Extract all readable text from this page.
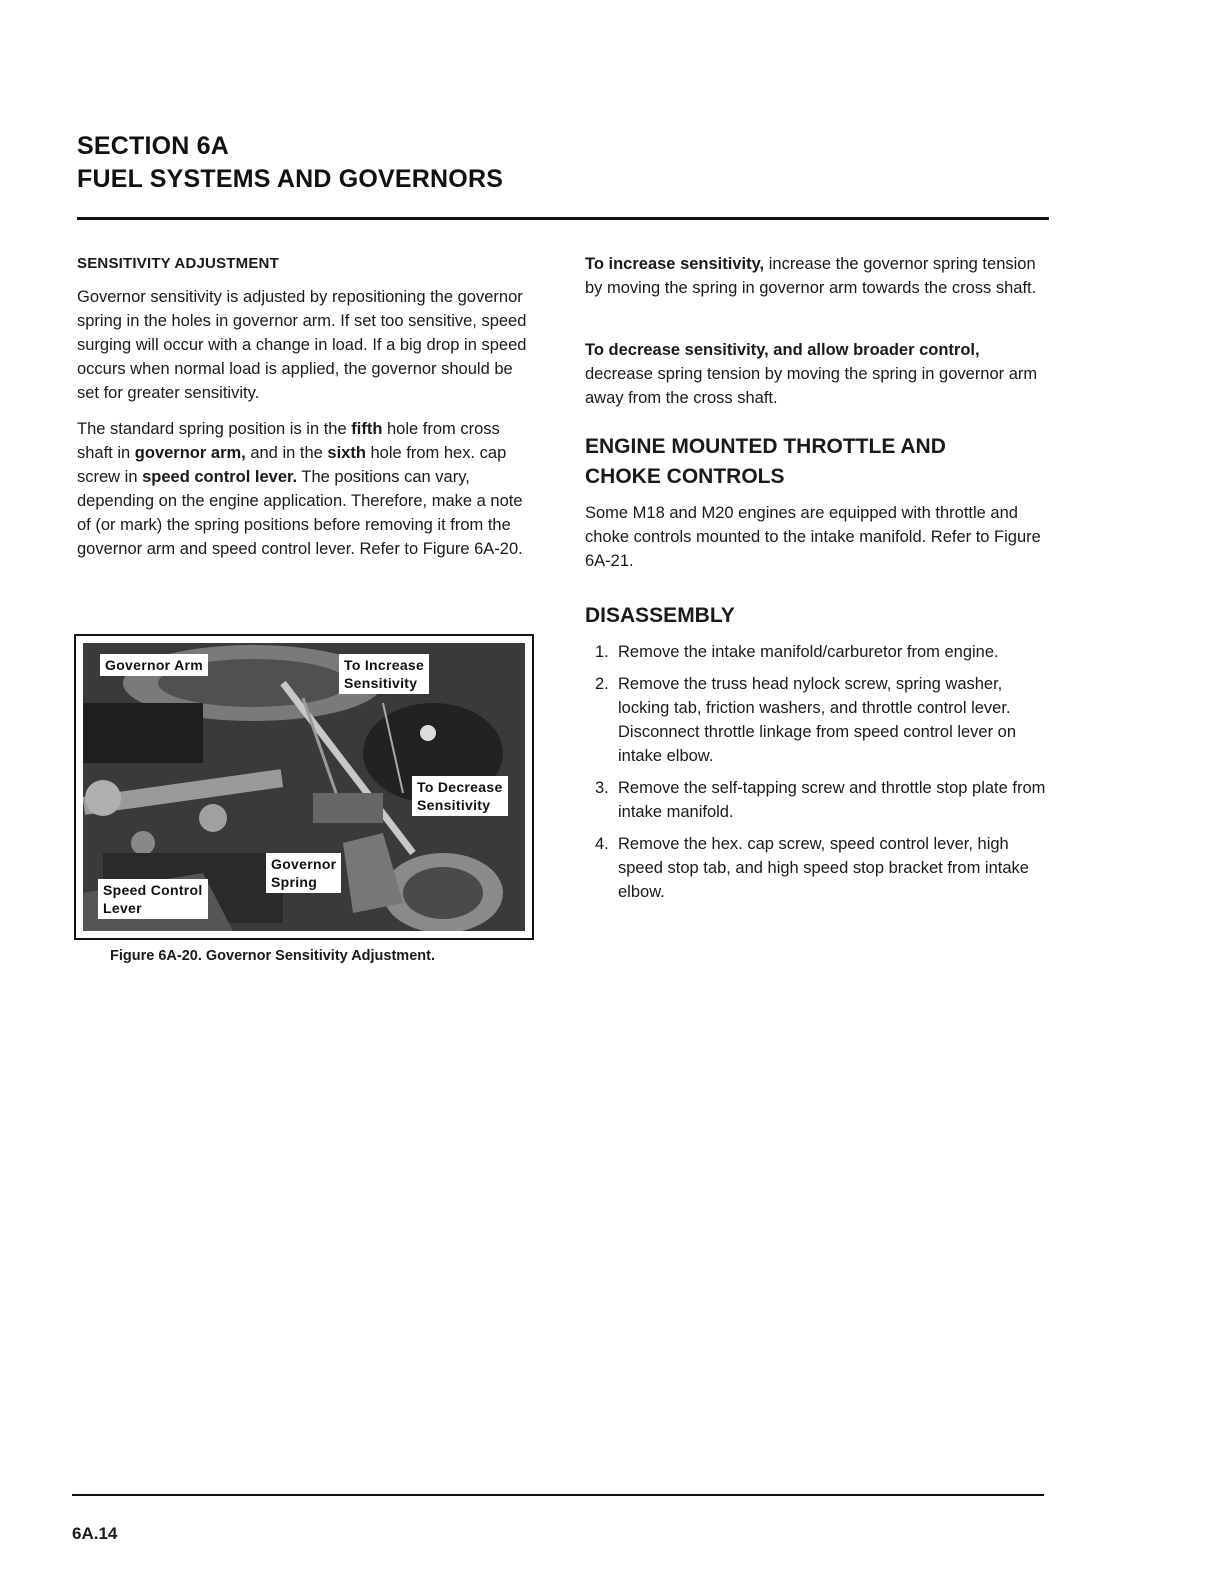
SECTION 6A
FUEL SYSTEMS AND GOVERNORS
SENSITIVITY ADJUSTMENT

Governor sensitivity is adjusted by repositioning the governor spring in the holes in governor arm. If set too sensitive, speed surging will occur with a change in load. If a big drop in speed occurs when normal load is applied, the governor should be set for greater sensitivity.

The standard spring position is in the fifth hole from cross shaft in governor arm, and in the sixth hole from hex. cap screw in speed control lever. The positions can vary, depending on the engine application. Therefore, make a note of (or mark) the spring positions before removing it from the governor arm and speed control lever. Refer to Figure 6A-20.

Governor Arm	To Increase
Sensitivity
To Decrease
Sensitivity
Governor
Spring
Speed Control
Lever
Figure 6A-20. Governor Sensitivity Adjustment.

To increase sensitivity, increase the governor spring tension by moving the spring in governor arm towards the cross shaft.

To decrease sensitivity, and allow broader control, decrease spring tension by moving the spring in governor arm away from the cross shaft.

ENGINE MOUNTED THROTTLE AND
CHOKE CONTROLS

Some M18 and M20 engines are equipped with throttle and choke controls mounted to the intake manifold. Refer to Figure 6A-21.

DISASSEMBLY
1. Remove the intake manifold/carburetor from engine.
2. Remove the truss head nylock screw, spring washer, locking tab, friction washers, and throttle control lever. Disconnect throttle linkage from speed control lever on intake elbow.
3. Remove the self-tapping screw and throttle stop plate from intake manifold.
4. Remove the hex. cap screw, speed control lever, high speed stop tab, and high speed stop bracket from intake elbow.
6A.14
